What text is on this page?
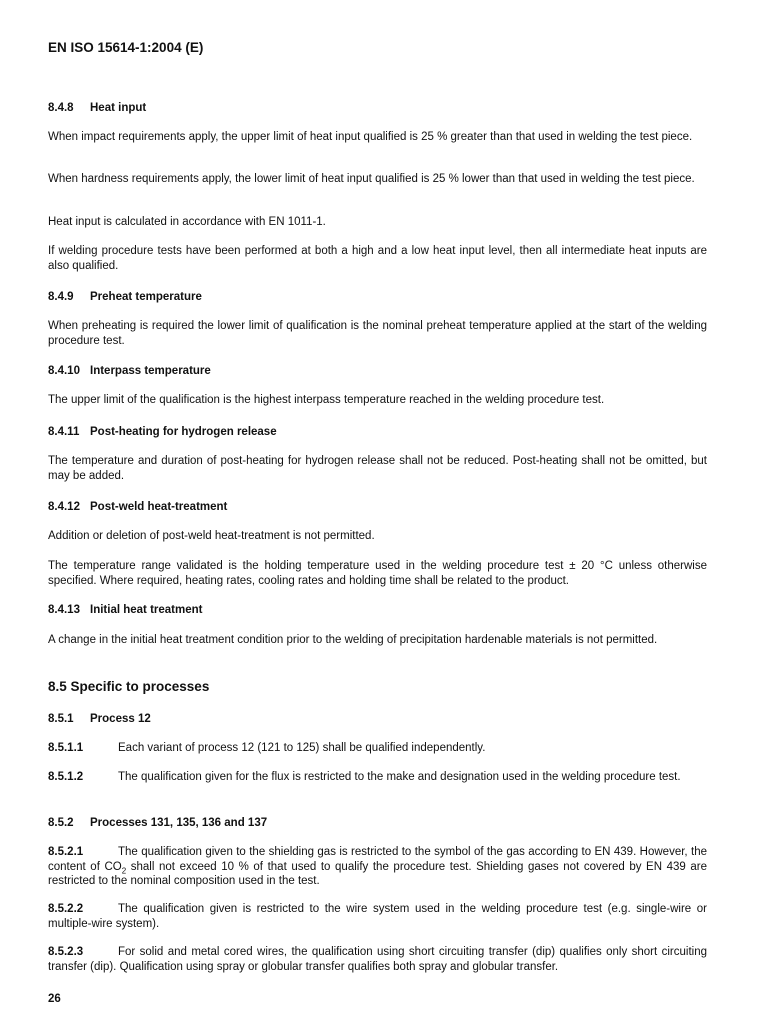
EN ISO 15614-1:2004 (E)
8.4.8 Heat input
When impact requirements apply, the upper limit of heat input qualified is 25 % greater than that used in welding the test piece.
When hardness requirements apply, the lower limit of heat input qualified is 25 % lower than that used in welding the test piece.
Heat input is calculated in accordance with EN 1011-1.
If welding procedure tests have been performed at both a high and a low heat input level, then all intermediate heat inputs are also qualified.
8.4.9 Preheat temperature
When preheating is required the lower limit of qualification is the nominal preheat temperature applied at the start of the welding procedure test.
8.4.10 Interpass temperature
The upper limit of the qualification is the highest interpass temperature reached in the welding procedure test.
8.4.11 Post-heating for hydrogen release
The temperature and duration of post-heating for hydrogen release shall not be reduced. Post-heating shall not be omitted, but may be added.
8.4.12 Post-weld heat-treatment
Addition or deletion of post-weld heat-treatment is not permitted.
The temperature range validated is the holding temperature used in the welding procedure test ± 20 °C unless otherwise specified. Where required, heating rates, cooling rates and holding time shall be related to the product.
8.4.13 Initial heat treatment
A change in the initial heat treatment condition prior to the welding of precipitation hardenable materials is not permitted.
8.5 Specific to processes
8.5.1 Process 12
8.5.1.1	Each variant of process 12 (121 to 125) shall be qualified independently.
8.5.1.2	The qualification given for the flux is restricted to the make and designation used in the welding procedure test.
8.5.2 Processes 131, 135, 136 and 137
8.5.2.1	The qualification given to the shielding gas is restricted to the symbol of the gas according to EN 439. However, the content of $CO_2$ shall not exceed 10 % of that used to qualify the procedure test. Shielding gases not covered by EN 439 are restricted to the nominal composition used in the test.
8.5.2.2	The qualification given is restricted to the wire system used in the welding procedure test (e.g. single-wire or multiple-wire system).
8.5.2.3	For solid and metal cored wires, the qualification using short circuiting transfer (dip) qualifies only short circuiting transfer (dip). Qualification using spray or globular transfer qualifies both spray and globular transfer.
26
